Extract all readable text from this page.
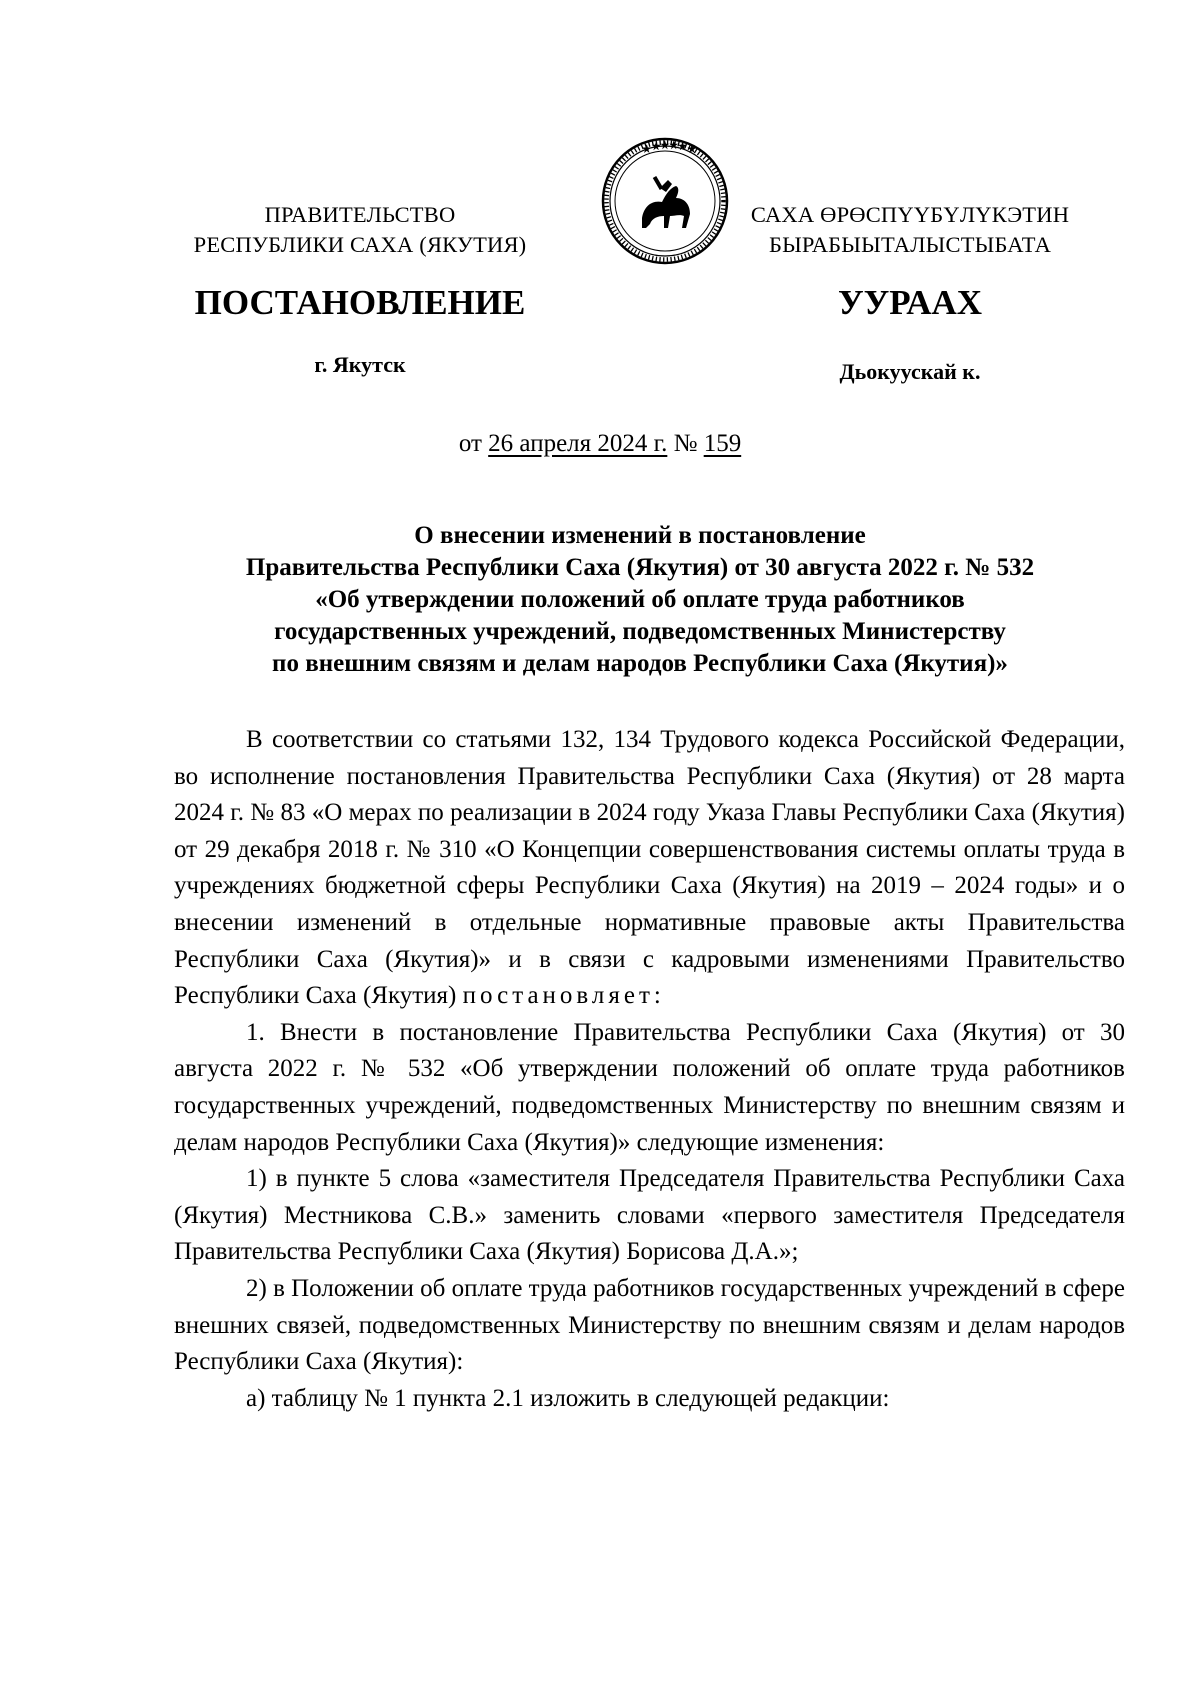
ПРАВИТЕЛЬСТВО
РЕСПУБЛИКИ САХА (ЯКУТИЯ)
САХА ӨРӨСПҮҮБҮЛҮКЭТИН
БЫРАБЫЫТАЛЫСТЫБАТА
ПОСТАНОВЛЕНИЕ	УУРААХ
г. Якутск	Дьокуускай к.
от 26 апреля 2024 г. № 159

О внесении изменений в постановление

Правительства Республики Саха (Якутия) от 30 августа 2022 г. № 532

«Об утверждении положений об оплате труда работников

государственных учреждений, подведомственных Министерству

по внешним связям и делам народов Республики Саха (Якутия)»

В соответствии со статьями 132, 134 Трудового кодекса Российской Федерации, во исполнение постановления Правительства Республики Саха (Якутия) от 28 марта 2024 г. № 83 «О мерах по реализации в 2024 году Указа Главы Республики Саха (Якутия) от 29 декабря 2018 г. № 310 «О Концепции совершенствования системы оплаты труда в учреждениях бюджетной сферы Республики Саха (Якутия) на 2019 – 2024 годы» и о внесении изменений в отдельные нормативные правовые акты Правительства Республики Саха (Якутия)» и в связи с кадровыми изменениями Правительство Республики Саха (Якутия) постановляет:

1. Внести в постановление Правительства Республики Саха (Якутия) от 30 августа 2022 г. № 532 «Об утверждении положений об оплате труда работников государственных учреждений, подведомственных Министерству по внешним связям и делам народов Республики Саха (Якутия)» следующие изменения:

1) в пункте 5 слова «заместителя Председателя Правительства Республики Саха (Якутия) Местникова С.В.» заменить словами «первого заместителя Председателя Правительства Республики Саха (Якутия) Борисова Д.А.»;

2) в Положении об оплате труда работников государственных учреждений в сфере внешних связей, подведомственных Министерству по внешним связям и делам народов Республики Саха (Якутия):

а) таблицу № 1 пункта 2.1 изложить в следующей редакции:
